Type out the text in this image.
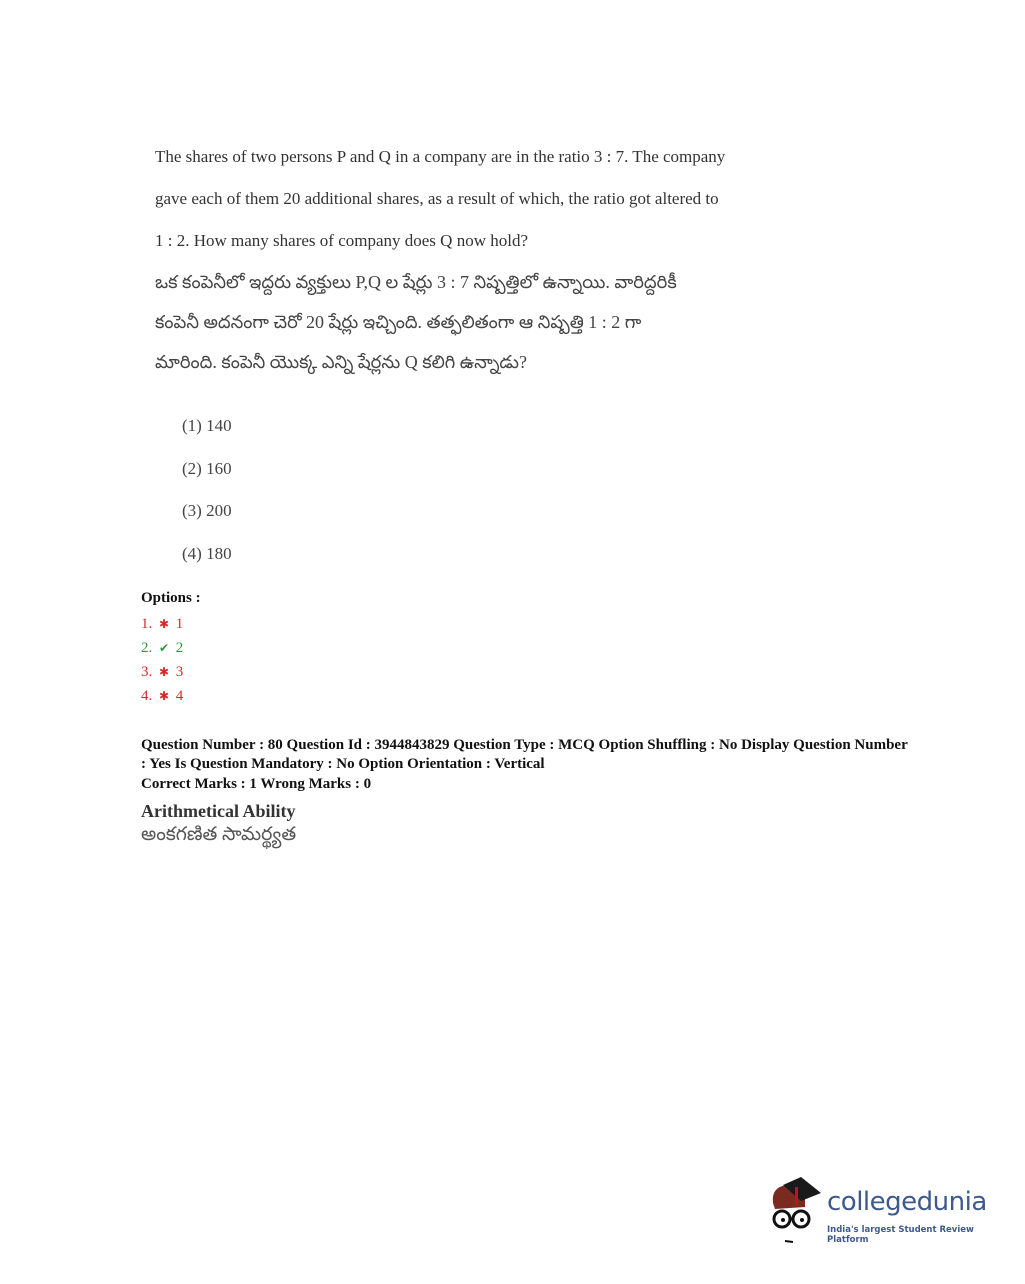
The shares of two persons P and Q in a company are in the ratio 3 : 7. The company
gave each of them 20 additional shares, as a result of which, the ratio got altered to
1 : 2. How many shares of company does Q now hold?
ఒక కంపెనీలో ఇద్దరు వ్యక్తులు P,Q ల షేర్లు 3 : 7 నిష్పత్తిలో ఉన్నాయి. వారిద్దరికీ
కంపెనీ అదనంగా చెరో 20 షేర్లు ఇచ్చింది. తత్ఫలితంగా ఆ నిష్పత్తి 1 : 2 గా
మారింది. కంపెనీ యొక్క ఎన్ని షేర్లను Q కలిగి ఉన్నాడు?
(1) 140
(2) 160
(3) 200
(4) 180
Options :
1. ✱ 1
2. ✔ 2
3. ✱ 3
4. ✱ 4
Question Number : 80 Question Id : 3944843829 Question Type : MCQ Option Shuffling : No Display Question Number : Yes Is Question Mandatory : No Option Orientation : Vertical
Correct Marks : 1 Wrong Marks : 0
Arithmetical Ability
అంకగణిత సామర్థ్యత
collegedunia
India's largest Student Review Platform
